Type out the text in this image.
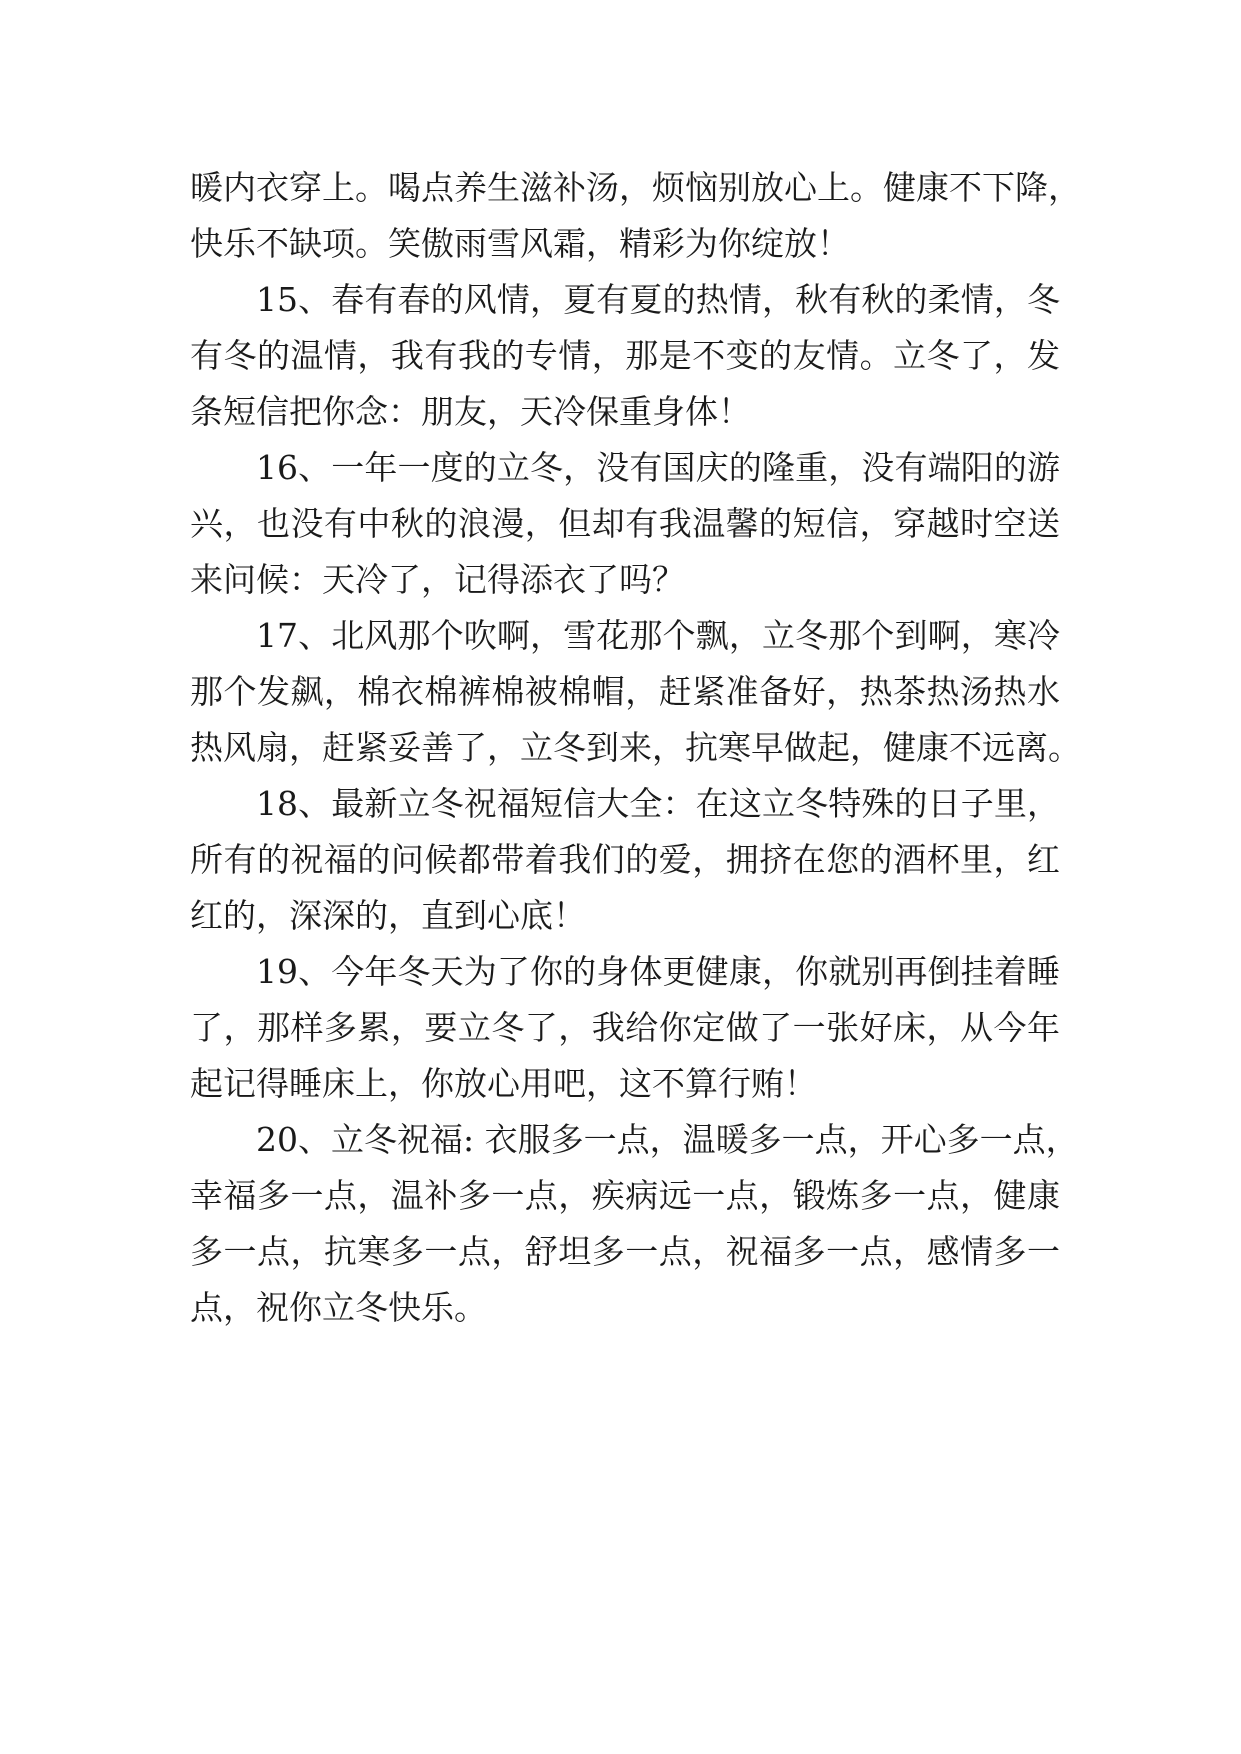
暖内衣穿上。喝点养生滋补汤，烦恼别放心上。健康不下降，
快乐不缺项。笑傲雨雪风霜，精彩为你绽放！
15、春有春的风情，夏有夏的热情，秋有秋的柔情，冬
有冬的温情，我有我的专情，那是不变的友情。立冬了，发
条短信把你念：朋友，天冷保重身体！
16、一年一度的立冬，没有国庆的隆重，没有端阳的游
兴，也没有中秋的浪漫，但却有我温馨的短信，穿越时空送
来问候：天冷了，记得添衣了吗？
17、北风那个吹啊，雪花那个飘，立冬那个到啊，寒冷
那个发飙，棉衣棉裤棉被棉帽，赶紧准备好，热茶热汤热水
热风扇，赶紧妥善了，立冬到来，抗寒早做起，健康不远离。
18、最新立冬祝福短信大全：在这立冬特殊的日子里，
所有的祝福的问候都带着我们的爱，拥挤在您的酒杯里，红
红的，深深的，直到心底！
19、今年冬天为了你的身体更健康，你就别再倒挂着睡
了，那样多累，要立冬了，我给你定做了一张好床，从今年
起记得睡床上，你放心用吧，这不算行贿！
20、立冬祝福: 衣服多一点，温暖多一点，开心多一点，
幸福多一点，温补多一点，疾病远一点，锻炼多一点，健康
多一点，抗寒多一点，舒坦多一点，祝福多一点，感情多一
点，祝你立冬快乐。
